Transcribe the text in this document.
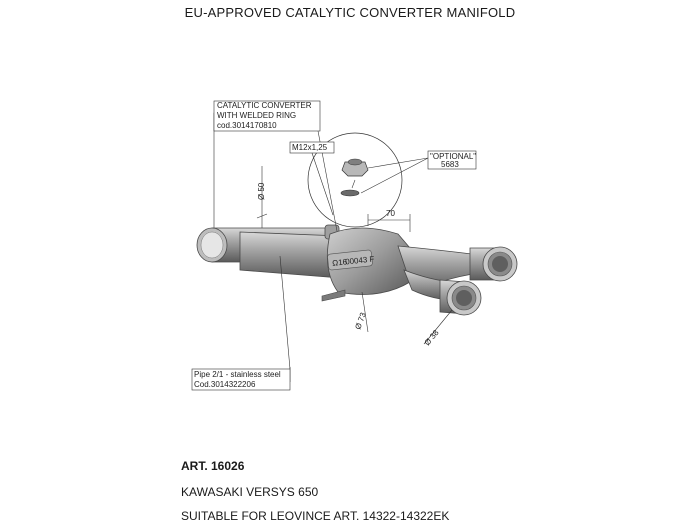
EU-APPROVED CATALYTIC CONVERTER MANIFOLD
CATALYTIC CONVERTER
WITH WELDED RING
cod.3014170810
M12x1,25
"OPTIONAL"
5683
Pipe 2/1 - stainless steel
Cod.3014322206
Ω16
00043 F
Ø 50
70
Ø 73
Ø 38
ART. 16026
KAWASAKI VERSYS 650
SUITABLE FOR LEOVINCE ART. 14322-14322EK
